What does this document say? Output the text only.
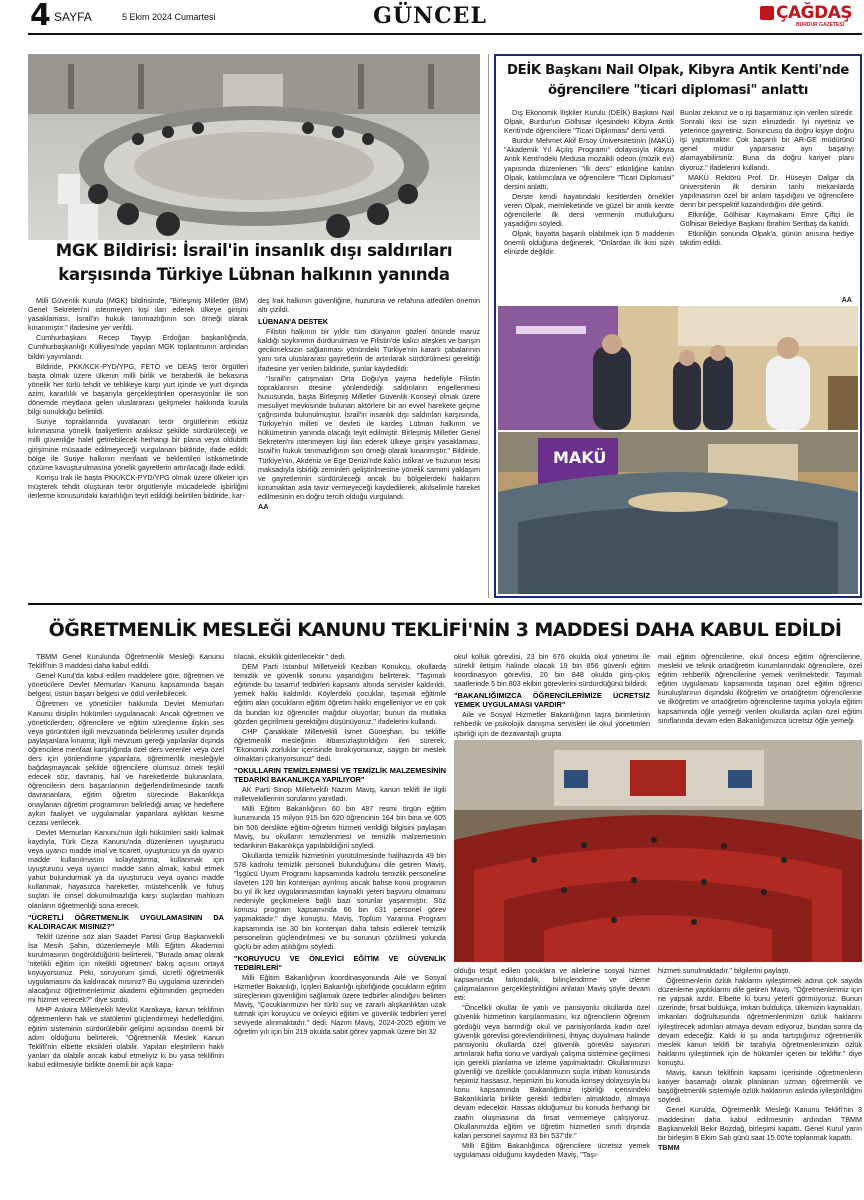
4 SAYFA	5 Ekim 2024 Cumartesi	GÜNCEL	ÇAĞDAŞ
BURDUR GAZETESİ
MGK Bildirisi: İsrail'in insanlık dışı saldırıları
karşısında Türkiye Lübnan halkının yanında

Milli Güvenlik Kurulu (MGK) bildirisinde, "Birleşmiş Milletler (BM) Genel Sekreteri'ni istenmeyen kişi ilan ederek ülkeye girişini yasaklaması, İsrail'in hukuk tanımazlığının son örneği olarak kınanmıştır." ifadesine yer verildi.

Cumhurbaşkanı Recep Tayyip Erdoğan başkanlığında, Cumhurbaşkanlığı Külliyesi'nde yapılan MGK toplantısının ardından bildiri yayımlandı.

Bildiride, PKK/KCK-PYD/YPG, FETÖ ve DEAŞ terör örgütleri başta olmak üzere ülkenin milli birlik ve beraberlik ile bekasına yönelik her türlü tehdit ve tehlikeye karşı yurt içinde ve yurt dışında azim, kararlılık ve başarıyla gerçekleştirilen operasyonlar ile son dönemde meydana gelen uluslararası gelişmeler hakkında kurula bilgi sunulduğu belirtildi.

Suriye topraklarında yuvalanan terör örgütlerinin etkisiz kılınmasına yönelik faaliyetlerin aralıksız şekilde sürdürüleceği ve milli güvenliğe halel getirebilecek herhangi bir plana veya oldubitti girişimine müsaade edilmeyeceği vurgulanan bildiride, ifade edildi; bölge ile Suriye halkının menfaati ve beklentileri istikametinde çözüme kavuşturulmasına yönelik gayretlerin artırılacağı ifade edildi.

Komşu Irak ile başta PKK/KCK-PYD/YPG olmak üzere ülkeler için müşterek tehdit oluşturan terör örgütleriyle mücadelede işbirliğini ilerletme konusundaki kararlılığın teyit edildiği belirtilen bildiride, kar-

deş Irak halkının güvenliğine, huzuruna ve refahına atfedilen önemin altı çizildi.

LÜBNAN'A DESTEK

Filistin halkının bir yıldır tüm dünyanın gözleri önünde maruz kaldığı soykırımın durdurulması ve Filistin'de kalıcı ateşkes ve barışın gecikmeksizin sağlanması yönündeki Türkiye'nin kararlı çabalarının yanı sıra uluslararası gayretlerin de artırılarak sürdürülmesi gerektiği ifadesine yer verilen bildiride, şunlar kaydedildi:

"İsrail'in çatışmaları Orta Doğu'ya yayma hedefiyle Filistin topraklarının ötesine yönlendirdiği saldırıların engellenmesi hususunda, başta Birleşmiş Milletler Güvenlik Konseyi olmak üzere mesuliyet mevkisinde bulunan aktörlere bir an evvel harekete geçme çağrısında bulunulmuştur. İsrail'in insanlık dışı saldırıları karşısında, Türkiye'nin milleti ve devleti ile kardeş Lübnan halkının ve hükümetinin yanında olacağı teyit edilmiştir. Birleşmiş Milletler Genel Sekreteri'ni istenmeyen kişi ilan ederek ülkeye girişini yasaklaması, İsrail'in hukuk tanımazlığının son örneği olarak kınanmıştır." Bildiride, Türkiye'nin, Akdeniz ve Ege Denizi'nde kalıcı istikrar ve huzurun tesisi maksadıyla işbirliği zeminleri geliştirilmesine yönelik samimi yaklaşım ve gayretlerinin sürdürüleceği ancak bu bölgelerdeki haklarını korumaktan asla taviz vermeyeceği kaydedilerek, akılselimle hareket edilmesinin en doğru tercih olduğu vurgulandı.

AA
DEİK Başkanı Nail Olpak, Kibyra Antik Kenti'nde
öğrencilere "ticari diplomasi" anlattı

Dış Ekonomik İlişkiler Kurulu (DEİK) Başkanı Nail Olpak, Burdur'un Gölhisar ilçesindeki Kibyra Antik Kenti'nde öğrencilere "Ticari Diplomasi" dersi verdi.

Burdur Mehmet Akif Ersoy Üniversitesinin (MAKÜ) "Akademik Yıl Açılış Programı" dolayısıyla Kibyra Antik Kenti'ndeki Medusa mozaikli odeon (müzik evi) yapısında düzenlenen "ilk ders" etkinliğine katılan Olpak, katılımcılara ve öğrencilere "Ticari Diplomasi" dersini anlattı.

Derste kendi hayatındaki kesitlerden örnekler veren Olpak, memleketinde ve güzel bir antik kentte öğrencilerle ilk dersi vermenin mutluluğunu yaşadığını söyledi.

Olpak, hayatta başarılı olabilmek için 5 maddenin önemli olduğuna değinerek, "Onlardan ilk ikisi sizin elinizde değildir.

Bunlar zekanız ve o işi başarmanız için verilen süredir. Sonraki ikisi ise sizin elinizdedir. İyi niyetiniz ve yeterince gayretiniz. Sonuncusu da doğru kişiye doğru işi yaptırmaktır. Çok başarılı bir AR-GE müdürünü genel müdür yaparsanız ayrı başarıyı alamayabilirsiniz. Buna da doğru kariyer planı diyoruz." ifadelerini kullandı.

MAKÜ Rektörü Prof. Dr. Hüseyin Dalgar da üniversitenin ilk dersinin tarihi mekanlarda yapılmasının özel bir anlam taşıdığını ve öğrencilere derin bir perspektif kazandırdığını dile getirdi.

Etkinliğe, Gölhisar Kaymakamı Emre Çiftçi ile Gölhisar Belediye Başkanı İbrahim Sertbaş da katıldı.

Etkinliğin sonunda Olpak'a, günün anısına hediye takdim edildi.

AA
MAKÜ
ÖĞRETMENLİK MESLEĞİ KANUNU TEKLİFİ'NİN 3 MADDESİ DAHA KABUL EDİLDİ

TBMM Genel Kurulunda Öğretmenlik Mesleği Kanunu Teklifi'nin 3 maddesi daha kabul edildi.

Genel Kurul'da kabul edilen maddelere göre, öğretmen ve yöneticilere Devlet Memurları Kanunu kapsamında başarı belgesi, üstün başarı belgesi ve ödül verilebilecek.

Öğretmen ve yöneticiler hakkında Devlet Memurları Kanunu disiplin hükümleri uygulanacak. Ancak öğretmen ve yöneticilerden; öğrencilere ve eğitim süreçlerine ilişkin ses veya görüntüleri ilgili mevzuatında belirlenmiş usuller dışında paylaşanlara kınama; ilgili mevzuatı gereği yapılanlar dışında öğrencilere menfaat karşılığında özel ders verenler veya özel ders için yönlendirme yapanlara, öğretmenlik mesleğiyle bağdaşmayacak şekilde öğrencilere olumsuz örnek teşkil edecek söz, davranış, hal ve hareketlerde bulunanlara, öğrencilerin ders başarılarının değerlendirilmesinde taraflı davrananlara, eğitim öğretim sürecinde Bakanlıkça onaylanan öğretim programının belirlediği amaç ve hedeflere aykırı faaliyet ve uygulamalar yapanlara aylıktan kesme cezası verilecek.

Devlet Memurları Kanunu'nun ilgili hükümleri saklı kalmak kaydıyla, Türk Ceza Kanunu'nda düzenlenen uyuşturucu veya uyarıcı madde imal ve ticareti, uyuşturucu ya da uyarıcı madde kullanılmasını kolaylaştırma, kullanmak için uyuşturucu veya uyarıcı madde satın almak, kabul etmek yahut bulundurmak ya da uyuşturucu veya uyarıcı madde kullanmak, hayasızca hareketler, müstehcenlik ve fuhuş suçları ile cinsel dokunulmazlığa karşı suçlardan mahkum olanların öğretmenliği sona erecek.

"ÜCRETLİ ÖĞRETMENLİK UYGULAMASININ DA KALDIRACAK MISINIZ?"

Teklif üzerine söz alan Saadet Partisi Grup Başkanvekili İsa Mesih Şahin, düzenlemeyle Milli Eğitim Akademisi kurulmasının öngörüldüğünü belirterek, "Burada amaç olarak 'nitelikli eğitim için nitelikli öğretmen' bakış açısını ortaya koyuyorsunuz. Peki, soruyorum şimdi, ücretli öğretmenlik uygulamasını da kaldıracak mısınız? Bu uygulama üzerinden alacağınız öğretmenlerimiz akademi eğitiminden geçmeden mi hizmet verecek?" diye sordu.

MHP Ankara Milletvekili Mevlüt Karakaya, kanun teklifinin öğretmenlerin hak ve statülerini güçlendirmeyi hedeflediğini, eğitim sisteminin sürdürülebilir gelişimi açısından önemli bir adım olduğunu belirterek, "Öğretmenlik Meslek Kanun Teklifi'nin elbette eksikleri olabilir. Yapılan eleştirilerin haklı yanları da olabilir ancak kabul etmeliyiz ki bu yasa teklifinin kabul edilmesiyle birlikte önemli bir açık kapa-

tılacak, eksiklik giderilecektir." dedi.

DEM Parti İstanbul Milletvekili Keziban Konukcu, okullarda temizlik ve güvenlik sorunu yaşandığını belirterek, "Taşımalı eğitimde bu tasarruf tedbirleri kapsamı altında servisler kaldırıldı, yemek hakkı kaldırıldı. Köylerdeki çocuklar, taşımalı eğitimle eğitim alan çocukların eğitim öğretim hakkı engelleniyor ve en çok da bundan kız öğrenciler mağdur oluyorlar; bunun da mutlaka gözden geçirilmesi gerektiğini düşünüyoruz." ifadelerini kullandı.

CHP Çanakkale Milletvekili İsmet Güneşhan, bu teklifle öğretmenlik mesleğinin itibarsızlaştırıldığını ileri sürerek, "Ekonomik zorluklar içerisinde bırakıyorsunuz, saygın bir meslek olmaktan çıkarıyorsunuz" dedi.

"OKULLARIN TEMİZLENMESİ VE TEMİZLİK MALZEMESİNİN TEDARİKİ BAKANLIKÇA YAPILIYOR"

AK Parti Sinop Milletvekili Nazım Maviş, kanun teklifi ile ilgili milletvekillerinin sorularını yanıtladı.

Milli Eğitim Bakanlığının 60 bin 487 resmi örgün eğitim kurumunda 15 milyon 915 bin 620 öğrencinin 164 bin bina ve 605 bin 506 derslikte eğitim-öğretim hizmeti verildiği bilgisini paylaşan Maviş, bu okulların temizlenmesi ve temizlik malzemesinin tedarikinin Bakanlıkça yapılabildiğini söyledi.

Okullarda temizlik hizmetinin yürütülmesinde halihazırda 49 bin 578 kadrolu temizlik personeli bulunduğunu dile getiren Maviş, "İşgücü Uyum Programı kapsamında kadrolu temizlik personeline ilaveten 120 bin kontenjan ayrılmış ancak bahse konu programın bu yıl ilk kez uygulanmasından kaynaklı yeteri başvuru olmaması nedeniyle geçikmelere bağlı bazı sorunlar yaşanmıştır. Söz konusu program kapsamında 66 bin 631 personel görev yapmaktadır." diye konuştu. Maviş, Toplum Yararına Program kapsamında ise 30 bin kontenjan daha tahsis edilerek temizlik personelinin güçlendirilmesi ve bu sorunun çözülmesi yolunda güçlü bir adım atıldığını söyledi.

"KORUYUCU VE ÖNLEYİCİ EĞİTİM VE GÜVENLİK TEDBİRLERİ"

Milli Eğitim Bakanlığının koordinasyonunda Aile ve Sosyal Hizmetler Bakanlığı, İçişleri Bakanlığı işbirliğinde çocukların eğitim süreçlerinin güvenliğini sağlamak üzere tedbirler alındığını belirten Maviş, "Çocuklarımızın her türlü suç ve zararlı alışkanlıktan uzak tutmak için koruyucu ve önleyici eğitim ve güvenlik tedbirleri yerel seviyede alınmaktadır." dedi. Nazım Maviş, 2024-2025 eğitim ve öğretim yılı için bin 219 okulda sabit görev yapmak üzere bin 32

okul kolluk görevlisi, 23 bin 676 okulda okul yönetimi ile sürekli iletişim halinde olacak 19 bin 856 güvenli eğitim koordinasyon görevlisi, 20 bin 848 okulda giriş-çıkış saatlerinde 5 bin 803 ekibin görevlerini sürdürdüğünü bildirdi.

"BAKANLIĞIMIZCA ÖĞRENCİLERİMİZE ÜCRETSİZ YEMEK UYGULAMASI VARDIR"

Aile ve Sosyal Hizmetler Bakanlığının taşra birimlerinin rehberlik ve psikolojik danışma servisleri ile okul yönetimleri işbirliği için de dezavantajlı grupta

mali eğitim öğrencilerine, okul öncesi eğitim öğrencilerine, mesleki ve teknik ortaöğretim kurumlarındaki öğrencilere, özel eğitim rehberlik öğrencilerine yemek verilmektedir. Taşımalı eğitim uygulaması kapsamında taşınan özel eğitim öğrenci kuruluşlarının dışındaki ilköğretim ve ortaöğretim öğrencilerine ve ilköğretim ve ortaöğretim öğrencilerine taşıma yoluyla eğitim kapsamında öğle yemeği verilen okullarda açılan özel eğitim sınıflarında devam eden Bakanlığımızca ücretsiz öğle yemeği

olduğu tespit edilen çocuklara ve ailelerine sosyal hizmet kapsamında farkındalık, bilinçlendirme ve izleme çalışmalarının gerçekleştirildiğini anlatan Maviş şöyle devam etti:

"Öncelikli okullar ile yatılı ve pansiyonlu okullarda özel güvenlik hizmetinin karşılanmasını, kız öğrencilerin öğrenim gördüğü veya barındığı okul ve pansiyonlarda kadın özel güvenlik görevlisi görevlendirilmesi, ihtiyaç duyulması halinde pansiyonlu okullarda özel güvenlik görevlisi sayısının artırılarak hafta sonu ve vardiyalı çalışma sistemine geçilmesi için gerekli planlama ve izleme yapılmaktadır. Okullarımızın güvenliği ve özellikle çocuklarımızın suçla irtibatı konusunda hepimiz hassasız, hepimizin bu konuda konsey dolayısıyla bu konu kapsamında Bakanlığımız işbirliği içerisindeki Bakanlıklarla birlikte gerekli tedbirleri almaktadır, almaya devam edecektir. Hassas olduğumuz bu konuda herhangi bir zaafın oluşmasına da fırsat vermemeye çalışıyoruz. Okullarımızda eğitim ve öğretim hizmetleri sınıfı dışında kalan personel sayımız 83 bin 537'dir."

Milli Eğitim Bakanlığınca öğrencilere ücretsiz yemek uygulaması olduğunu kaydeden Maviş, "Taşı-

hizmeti sunulmaktadır." bilgilerini paylaştı.

Öğretmenlerin özlük haklarını iyileştirmek adına çok sayıda düzenleme yaptıklarını dile getiren Maviş, "Öğretmenlerimiz için ne yapsak azdır. Elbette ki bunu yeterli görmüyoruz. Bunun üzerinde, fırsat buldukça, imkan buldukça, ülkemizin kaynakları, imkanları doğrultusunda öğretmenlerimizin özlük haklarını iyileştirecek adımları atmaya devam ediyoruz, bundan sonra da devam edeceğiz. Kaldı ki şu anda tartıştığımız öğretmenlik meslek kanun teklifi bir tarafıyla öğretmenlerimizin özlük haklarını iyileştirmek için de hükümler içeren bir tekliftir." diye konuştu.

Maviş, kanun teklifinin kapsamı içerisinde öğretmenlerin kariyer basamağı olarak planlanan uzman öğretmenlik ve başöğretmenlik sistemiyle özlük haklarının aslında iyileştirildiğini söyledi.

Genel Kurulda, Öğretmenlik Mesleği Kanunu Teklifi'nin 3 maddesinin daha kabul edilmesinin ardından TBMM Başkanvekili Bekir Bozdağ, birleşimi kapattı. Genel Kurul yarın bir birleşim 8 Ekim Salı günü saat 15.00'te toplanmak kapattı.

TBMM
